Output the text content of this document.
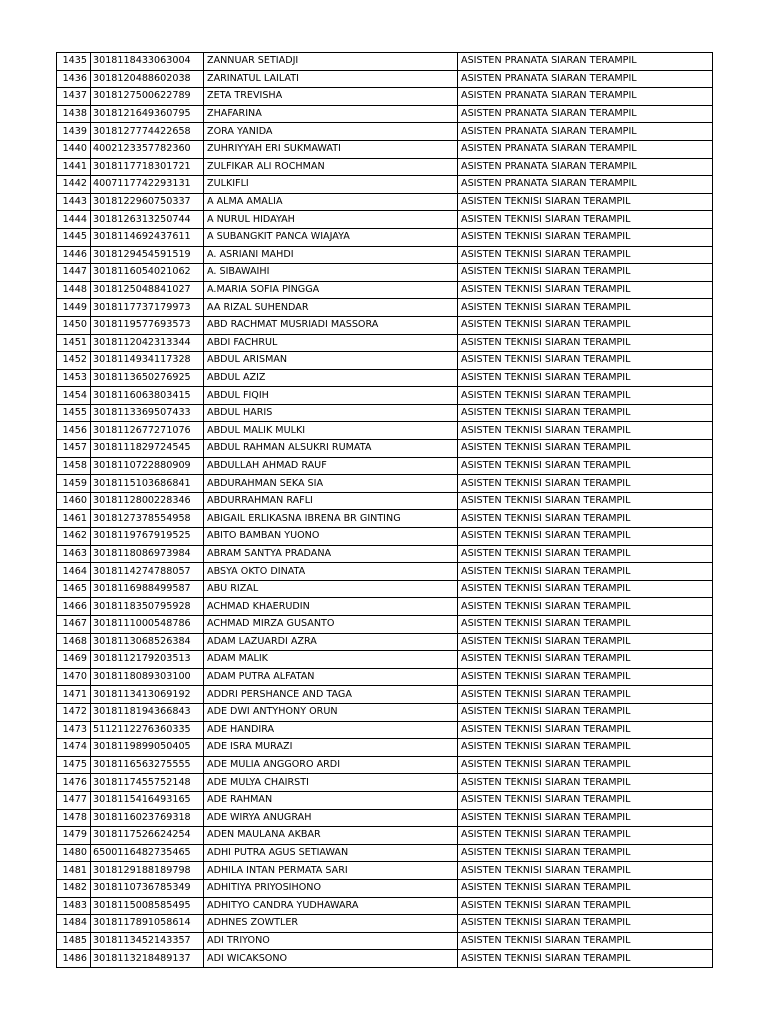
1435	3018118433063004	ZANNUAR SETIADJI	ASISTEN PRANATA SIARAN TERAMPIL
1436	3018120488602038	ZARINATUL LAILATI	ASISTEN PRANATA SIARAN TERAMPIL
1437	3018127500622789	ZETA TREVISHA	ASISTEN PRANATA SIARAN TERAMPIL
1438	3018121649360795	ZHAFARINA	ASISTEN PRANATA SIARAN TERAMPIL
1439	3018127774422658	ZORA YANIDA	ASISTEN PRANATA SIARAN TERAMPIL
1440	4002123357782360	ZUHRIYYAH ERI SUKMAWATI	ASISTEN PRANATA SIARAN TERAMPIL
1441	3018117718301721	ZULFIKAR ALI ROCHMAN	ASISTEN PRANATA SIARAN TERAMPIL
1442	4007117742293131	ZULKIFLI	ASISTEN PRANATA SIARAN TERAMPIL
1443	3018122960750337	A ALMA AMALIA	ASISTEN TEKNISI SIARAN TERAMPIL
1444	3018126313250744	A NURUL HIDAYAH	ASISTEN TEKNISI SIARAN TERAMPIL
1445	3018114692437611	A SUBANGKIT PANCA WIAJAYA	ASISTEN TEKNISI SIARAN TERAMPIL
1446	3018129454591519	A. ASRIANI MAHDI	ASISTEN TEKNISI SIARAN TERAMPIL
1447	3018116054021062	A. SIBAWAIHI	ASISTEN TEKNISI SIARAN TERAMPIL
1448	3018125048841027	A.MARIA SOFIA PINGGA	ASISTEN TEKNISI SIARAN TERAMPIL
1449	3018117737179973	AA RIZAL SUHENDAR	ASISTEN TEKNISI SIARAN TERAMPIL
1450	3018119577693573	ABD RACHMAT MUSRIADI MASSORA	ASISTEN TEKNISI SIARAN TERAMPIL
1451	3018112042313344	ABDI FACHRUL	ASISTEN TEKNISI SIARAN TERAMPIL
1452	3018114934117328	ABDUL ARISMAN	ASISTEN TEKNISI SIARAN TERAMPIL
1453	3018113650276925	ABDUL AZIZ	ASISTEN TEKNISI SIARAN TERAMPIL
1454	3018116063803415	ABDUL FIQIH	ASISTEN TEKNISI SIARAN TERAMPIL
1455	3018113369507433	ABDUL HARIS	ASISTEN TEKNISI SIARAN TERAMPIL
1456	3018112677271076	ABDUL MALIK MULKI	ASISTEN TEKNISI SIARAN TERAMPIL
1457	3018111829724545	ABDUL RAHMAN ALSUKRI RUMATA	ASISTEN TEKNISI SIARAN TERAMPIL
1458	3018110722880909	ABDULLAH AHMAD RAUF	ASISTEN TEKNISI SIARAN TERAMPIL
1459	3018115103686841	ABDURAHMAN SEKA SIA	ASISTEN TEKNISI SIARAN TERAMPIL
1460	3018112800228346	ABDURRAHMAN RAFLI	ASISTEN TEKNISI SIARAN TERAMPIL
1461	3018127378554958	ABIGAIL ERLIKASNA IBRENA BR GINTING	ASISTEN TEKNISI SIARAN TERAMPIL
1462	3018119767919525	ABITO BAMBAN YUONO	ASISTEN TEKNISI SIARAN TERAMPIL
1463	3018118086973984	ABRAM SANTYA PRADANA	ASISTEN TEKNISI SIARAN TERAMPIL
1464	3018114274788057	ABSYA OKTO DINATA	ASISTEN TEKNISI SIARAN TERAMPIL
1465	3018116988499587	ABU RIZAL	ASISTEN TEKNISI SIARAN TERAMPIL
1466	3018118350795928	ACHMAD KHAERUDIN	ASISTEN TEKNISI SIARAN TERAMPIL
1467	3018111000548786	ACHMAD MIRZA GUSANTO	ASISTEN TEKNISI SIARAN TERAMPIL
1468	3018113068526384	ADAM LAZUARDI AZRA	ASISTEN TEKNISI SIARAN TERAMPIL
1469	3018112179203513	ADAM MALIK	ASISTEN TEKNISI SIARAN TERAMPIL
1470	3018118089303100	ADAM PUTRA ALFATAN	ASISTEN TEKNISI SIARAN TERAMPIL
1471	3018113413069192	ADDRI PERSHANCE AND TAGA	ASISTEN TEKNISI SIARAN TERAMPIL
1472	3018118194366843	ADE DWI ANTYHONY ORUN	ASISTEN TEKNISI SIARAN TERAMPIL
1473	5112112276360335	ADE HANDIRA	ASISTEN TEKNISI SIARAN TERAMPIL
1474	3018119899050405	ADE ISRA MURAZI	ASISTEN TEKNISI SIARAN TERAMPIL
1475	3018116563275555	ADE MULIA ANGGORO ARDI	ASISTEN TEKNISI SIARAN TERAMPIL
1476	3018117455752148	ADE MULYA CHAIRSTI	ASISTEN TEKNISI SIARAN TERAMPIL
1477	3018115416493165	ADE RAHMAN	ASISTEN TEKNISI SIARAN TERAMPIL
1478	3018116023769318	ADE WIRYA ANUGRAH	ASISTEN TEKNISI SIARAN TERAMPIL
1479	3018117526624254	ADEN MAULANA AKBAR	ASISTEN TEKNISI SIARAN TERAMPIL
1480	6500116482735465	ADHI PUTRA AGUS SETIAWAN	ASISTEN TEKNISI SIARAN TERAMPIL
1481	3018129188189798	ADHILA INTAN PERMATA SARI	ASISTEN TEKNISI SIARAN TERAMPIL
1482	3018110736785349	ADHITIYA PRIYOSIHONO	ASISTEN TEKNISI SIARAN TERAMPIL
1483	3018115008585495	ADHITYO CANDRA YUDHAWARA	ASISTEN TEKNISI SIARAN TERAMPIL
1484	3018117891058614	ADHNES ZOWTLER	ASISTEN TEKNISI SIARAN TERAMPIL
1485	3018113452143357	ADI TRIYONO	ASISTEN TEKNISI SIARAN TERAMPIL
1486	3018113218489137	ADI WICAKSONO	ASISTEN TEKNISI SIARAN TERAMPIL
